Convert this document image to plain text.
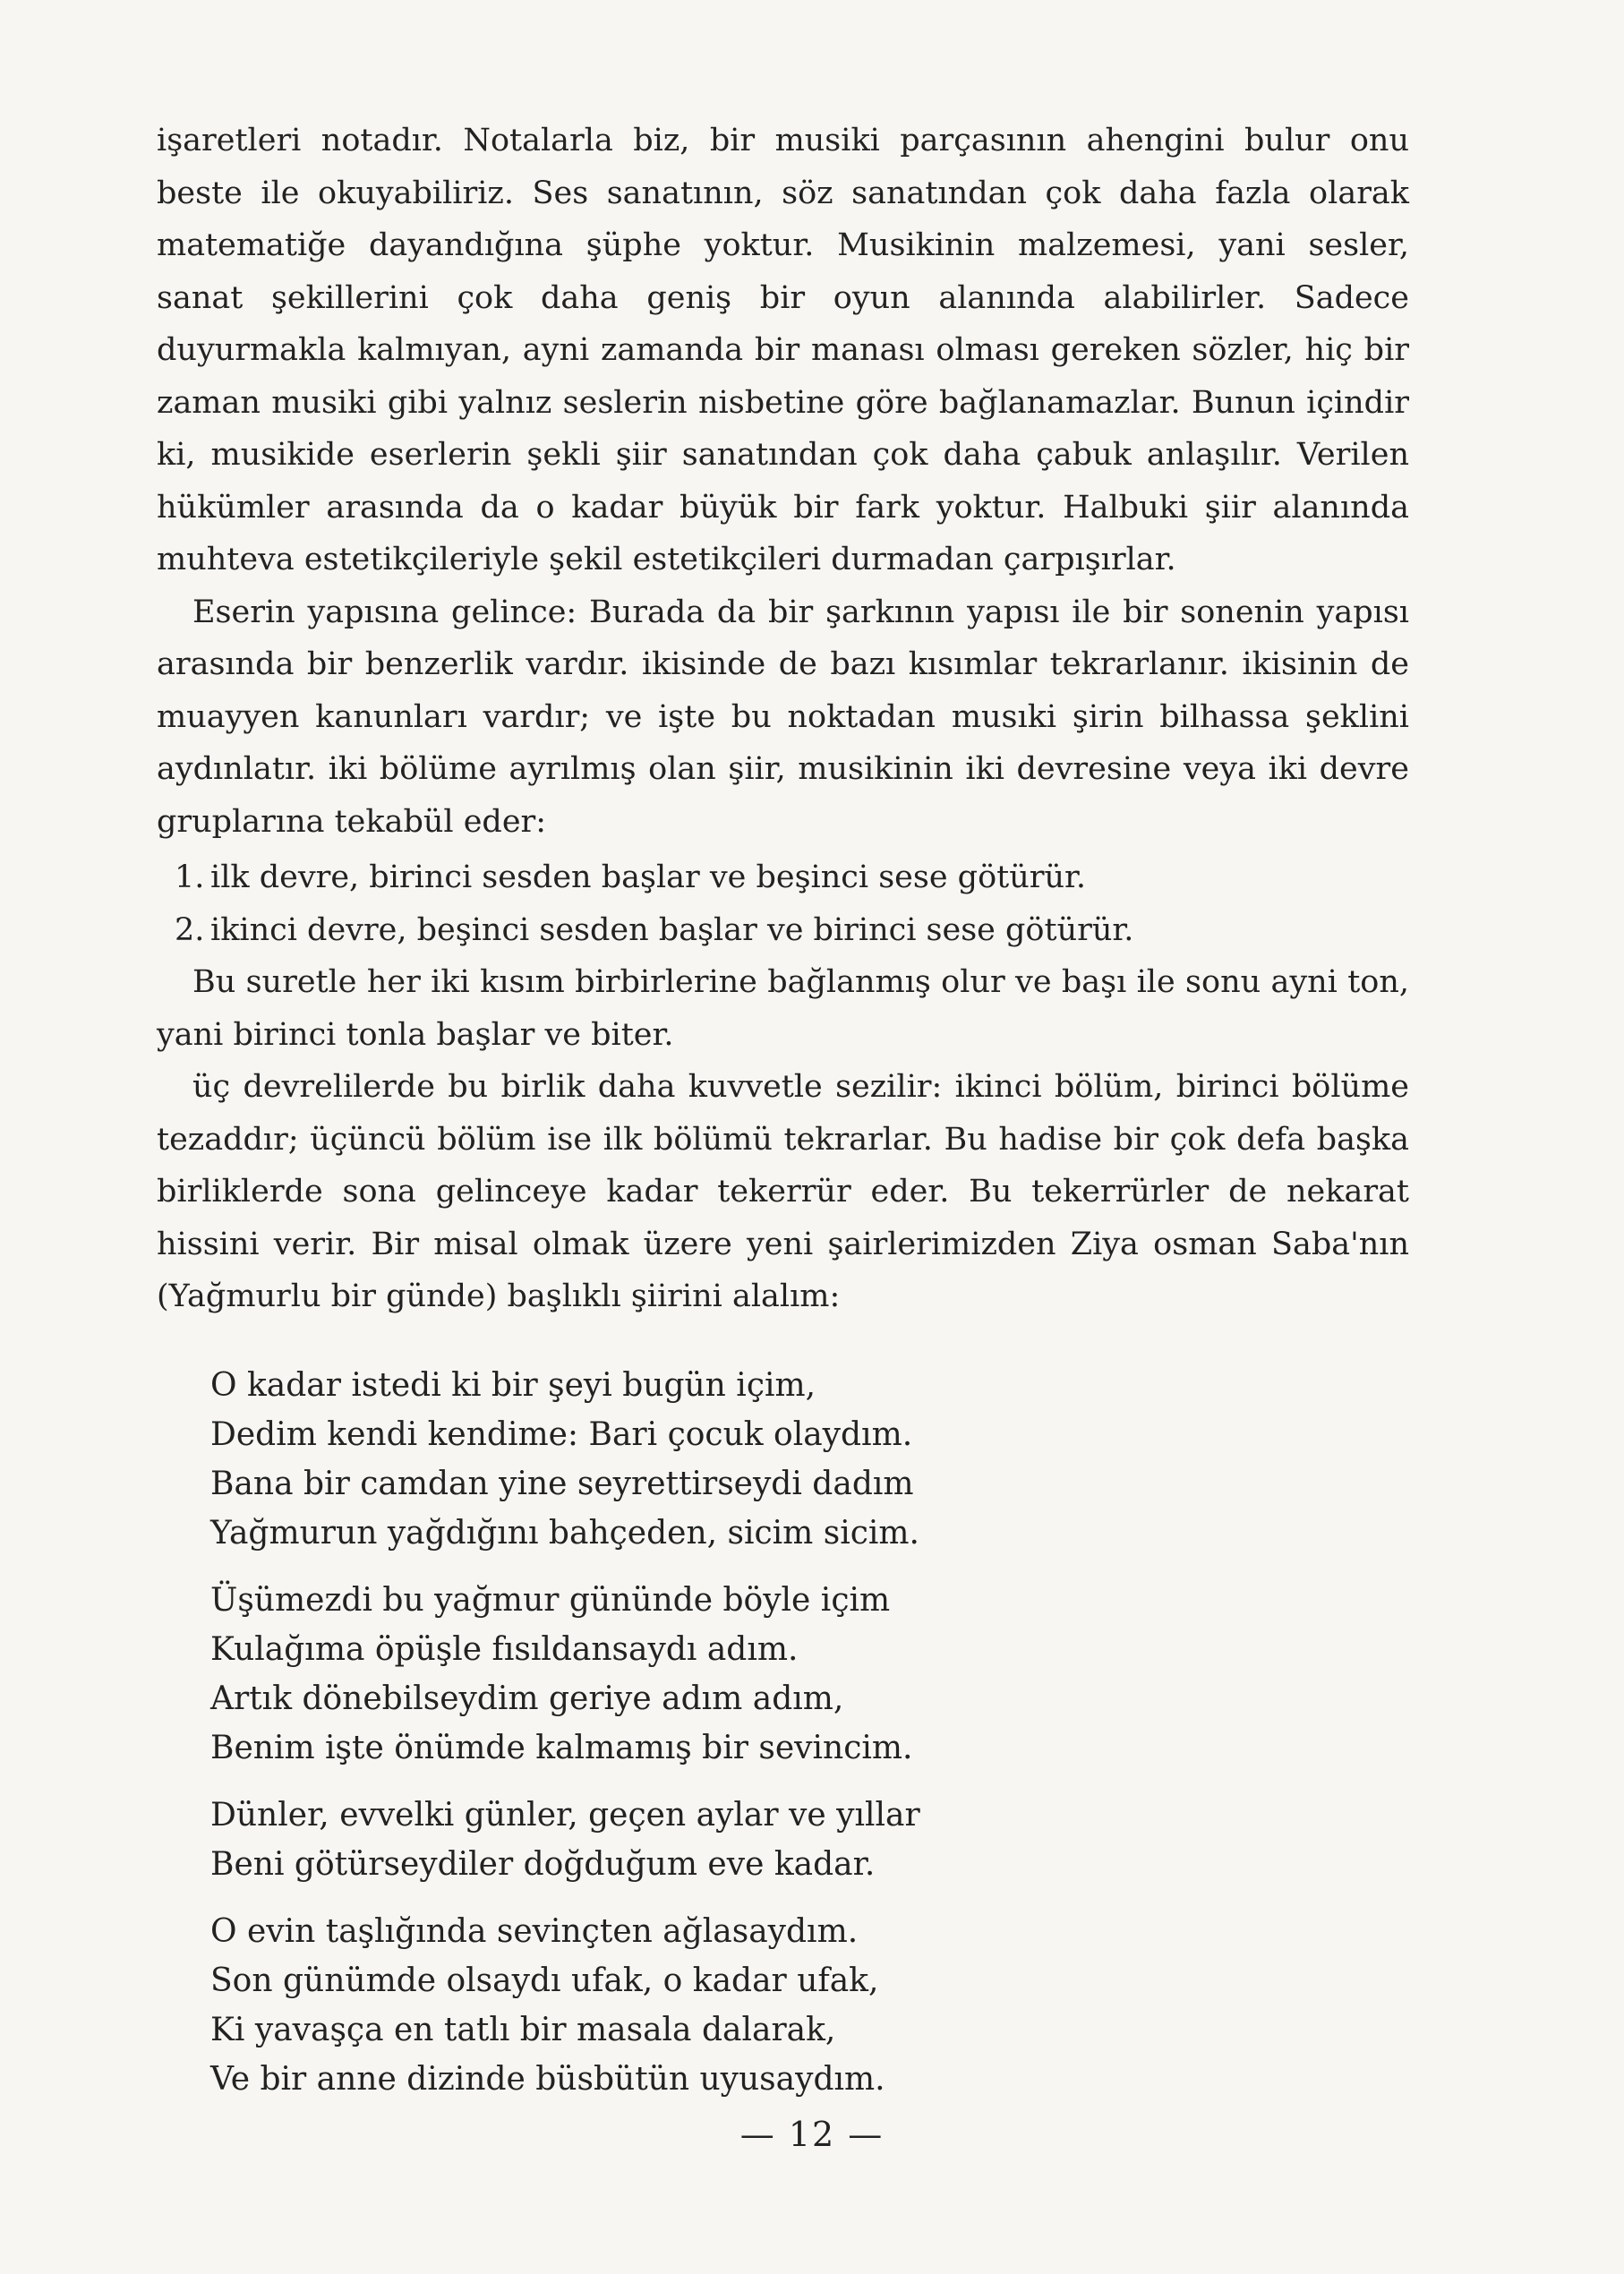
işaretleri notadır. Notalarla biz, bir musiki parçasının ahengini bulur onu beste ile okuyabiliriz. Ses sanatının, söz sanatından çok daha fazla olarak matematiğe dayandığına şüphe yoktur. Musikinin malzemesi, yani sesler, sanat şekillerini çok daha geniş bir oyun alanında alabilirler. Sadece duyurmakla kalmıyan, ayni zamanda bir manası olması gereken sözler, hiç bir zaman musiki gibi yalnız seslerin nisbetine göre bağlanamazlar. Bunun içindir ki, musikide eserlerin şekli şiir sanatından çok daha çabuk anlaşılır. Verilen hükümler arasında da o kadar büyük bir fark yoktur. Halbuki şiir alanında muhteva estetikçileriyle şekil estetikçileri durmadan çarpışırlar.

Eserin yapısına gelince: Burada da bir şarkının yapısı ile bir sonenin yapısı arasında bir benzerlik vardır. ikisinde de bazı kısımlar tekrarlanır. ikisinin de muayyen kanunları vardır; ve işte bu noktadan musıki şirin bilhassa şeklini aydınlatır. iki bölüme ayrılmış olan şiir, musikinin iki devresine veya iki devre gruplarına tekabül eder:

1. ilk devre, birinci sesden başlar ve beşinci sese götürür.
2. ikinci devre, beşinci sesden başlar ve birinci sese götürür.

Bu suretle her iki kısım birbirlerine bağlanmış olur ve başı ile sonu ayni ton, yani birinci tonla başlar ve biter.

üç devrelilerde bu birlik daha kuvvetle sezilir: ikinci bölüm, birinci bölüme tezaddır; üçüncü bölüm ise ilk bölümü tekrarlar. Bu hadise bir çok defa başka birliklerde sona gelinceye kadar tekerrür eder. Bu tekerrürler de nekarat hissini verir. Bir misal olmak üzere yeni şairlerimizden Ziya osman Saba'nın (Yağmurlu bir günde) başlıklı şiirini alalım:

O kadar istedi ki bir şeyi bugün içim,
Dedim kendi kendime: Bari çocuk olaydım.
Bana bir camdan yine seyrettirseydi dadım
Yağmurun yağdığını bahçeden, sicim sicim.
Üşümezdi bu yağmur gününde böyle içim
Kulağıma öpüşle fısıldansaydı adım.
Artık dönebilseydim geriye adım adım,
Benim işte önümde kalmamış bir sevincim.
Dünler, evvelki günler, geçen aylar ve yıllar
Beni götürseydiler doğduğum eve kadar.
O evin taşlığında sevinçten ağlasaydım.
Son günümde olsaydı ufak, o kadar ufak,
Ki yavaşça en tatlı bir masala dalarak,
Ve bir anne dizinde büsbütün uyusaydım.
— 12 —
